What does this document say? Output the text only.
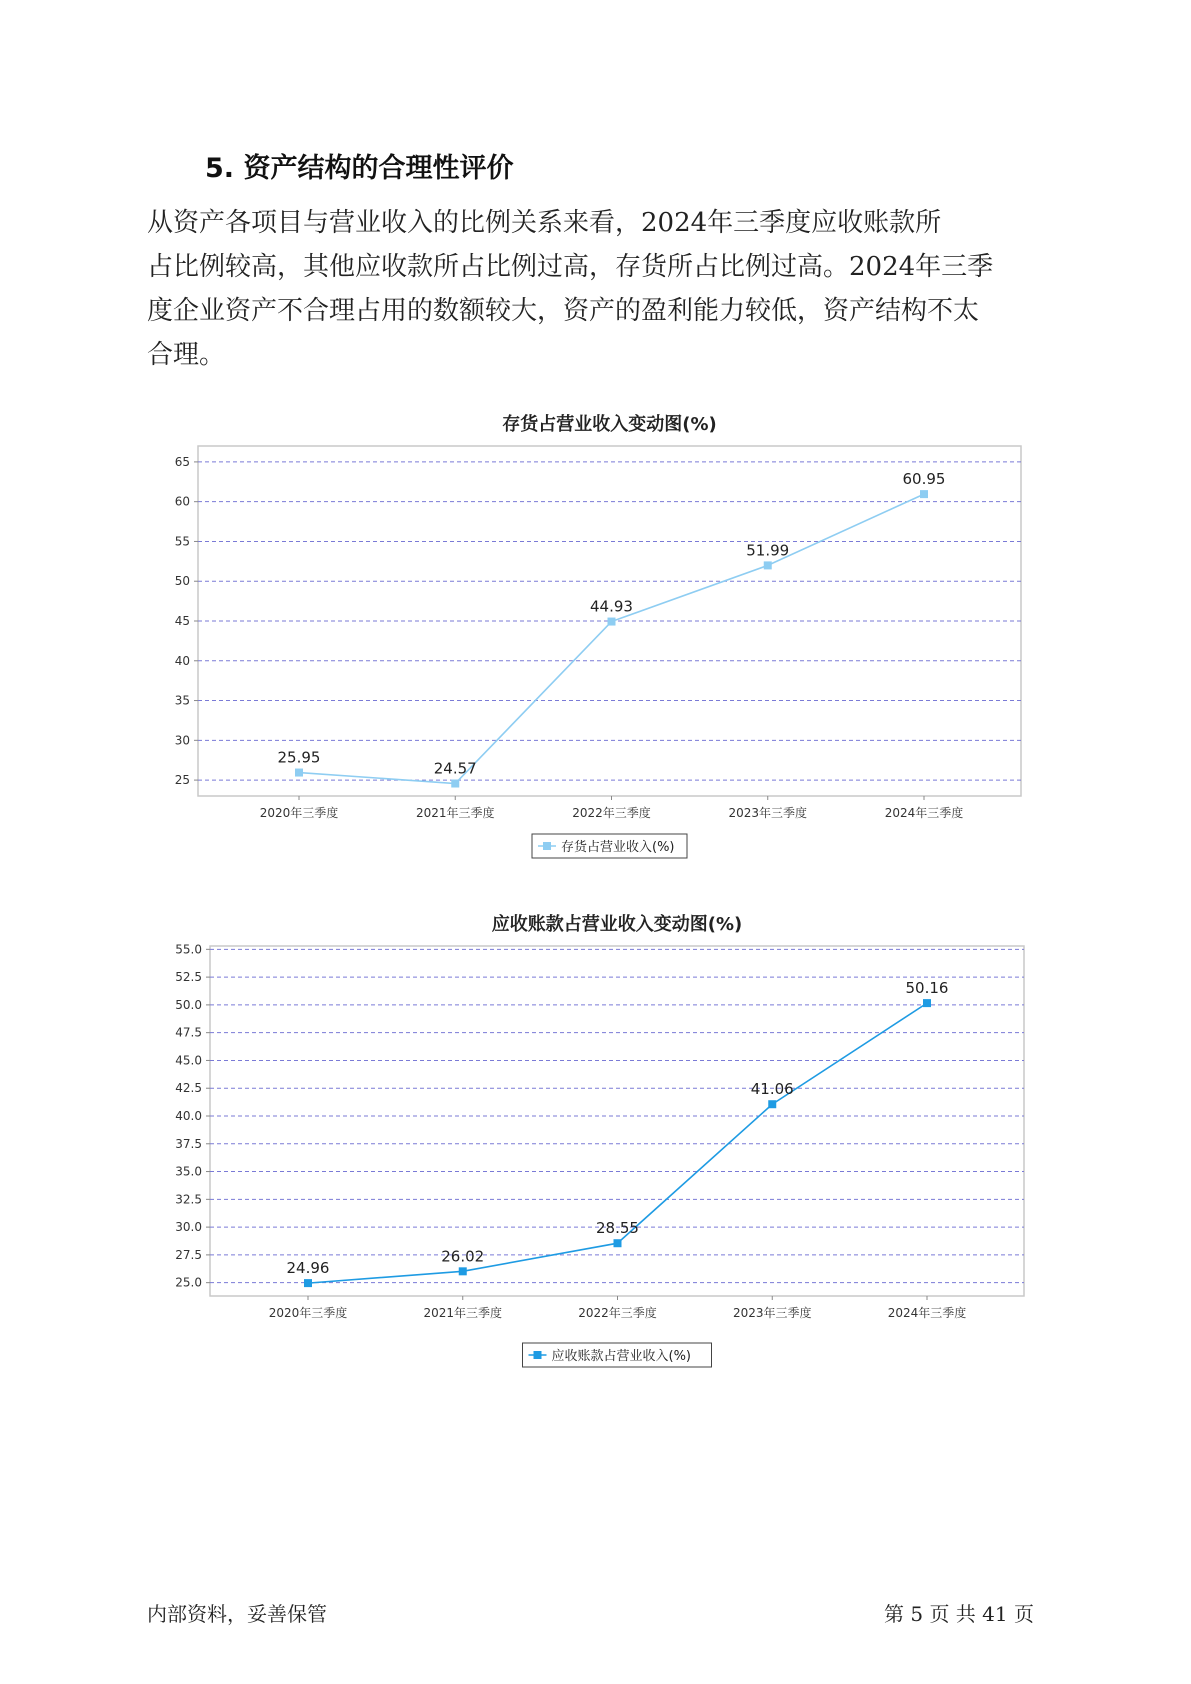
5. 资产结构的合理性评价
从资产各项目与营业收入的比例关系来看，2024年三季度应收账款所
占比例较高，其他应收款所占比例过高，存货所占比例过高。2024年三季
度企业资产不合理占用的数额较大，资产的盈利能力较低，资产结构不太
合理。
存货占营业收入变动图(%)
25
30
35
40
45
50
55
60
65
2020年三季度	2021年三季度	2022年三季度	2023年三季度	2024年三季度
25.95
24.57
44.93
51.99
60.95
存货占营业收入(%)
应收账款占营业收入变动图(%)
25.0
27.5
30.0
32.5
35.0
37.5
40.0
42.5
45.0
47.5
50.0
52.5
55.0
2020年三季度	2021年三季度	2022年三季度	2023年三季度	2024年三季度
24.96
26.02
28.55
41.06
50.16
应收账款占营业收入(%)
内部资料，妥善保管	第 5 页 共 41 页
